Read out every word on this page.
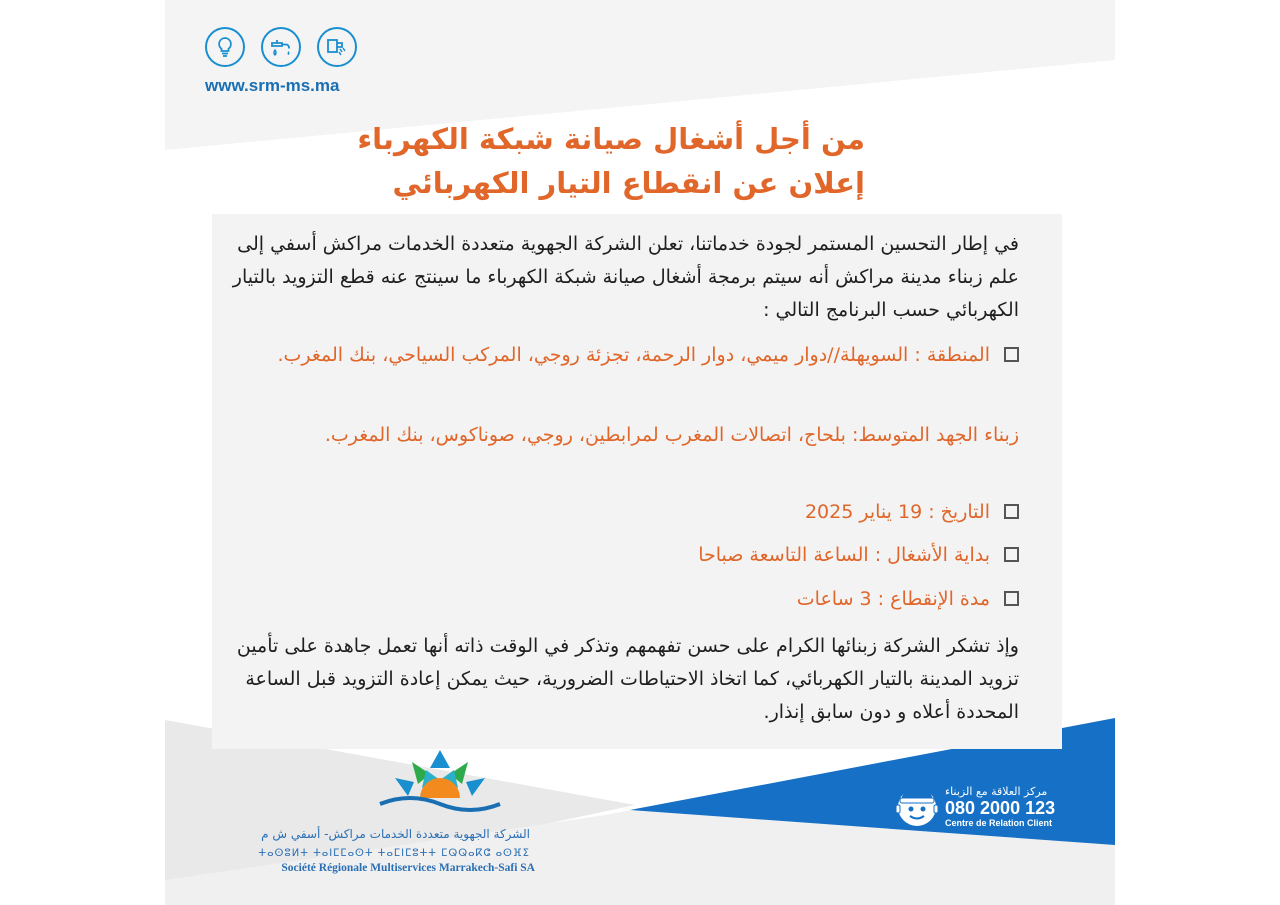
www.srm-ms.ma
من أجل أشغال صيانة شبكة الكهرباء
إعلان عن انقطاع التيار الكهربائي
في إطار التحسين المستمر لجودة خدماتنا، تعلن الشركة الجهوية متعددة الخدمات مراكش أسفي إلى علم زبناء مدينة مراكش أنه سيتم برمجة أشغال صيانة شبكة الكهرباء ما سينتج عنه قطع التزويد بالتيار الكهربائي حسب البرنامج التالي :
المنطقة : السويهلة//دوار ميمي، دوار الرحمة، تجزئة روجي، المركب السياحي، بنك المغرب.
زبناء الجهد المتوسط: بلحاج، اتصالات المغرب لمرابطين، روجي، صوناكوس، بنك المغرب.
التاريخ : 19 يناير 2025
بداية الأشغال : الساعة التاسعة صباحا
مدة الإنقطاع : 3 ساعات
وإذ تشكر الشركة زبنائها الكرام على حسن تفهمهم وتذكر في الوقت ذاته أنها تعمل جاهدة على تأمين تزويد المدينة بالتيار الكهربائي، كما اتخاذ الاحتياطات الضرورية، حيث يمكن إعادة التزويد قبل الساعة المحددة أعلاه و دون سابق إنذار.
الشركة الجهوية متعددة الخدمات مراكش- أسفي ش م
ⵜⴰⵙⵓⵍⵜ ⵜⴰⵏⵎⵎⴰⵙⵜ ⵜⴰⵎⵏⵎⵓⵜⵜ ⵎⵕⵕⴰⴽⵛ ⴰⵙⴼⵉ
Société Régionale Multiservices Marrakech-Safi SA
مركز العلاقة مع الزبناء
080 2000 123
Centre de Relation Client
